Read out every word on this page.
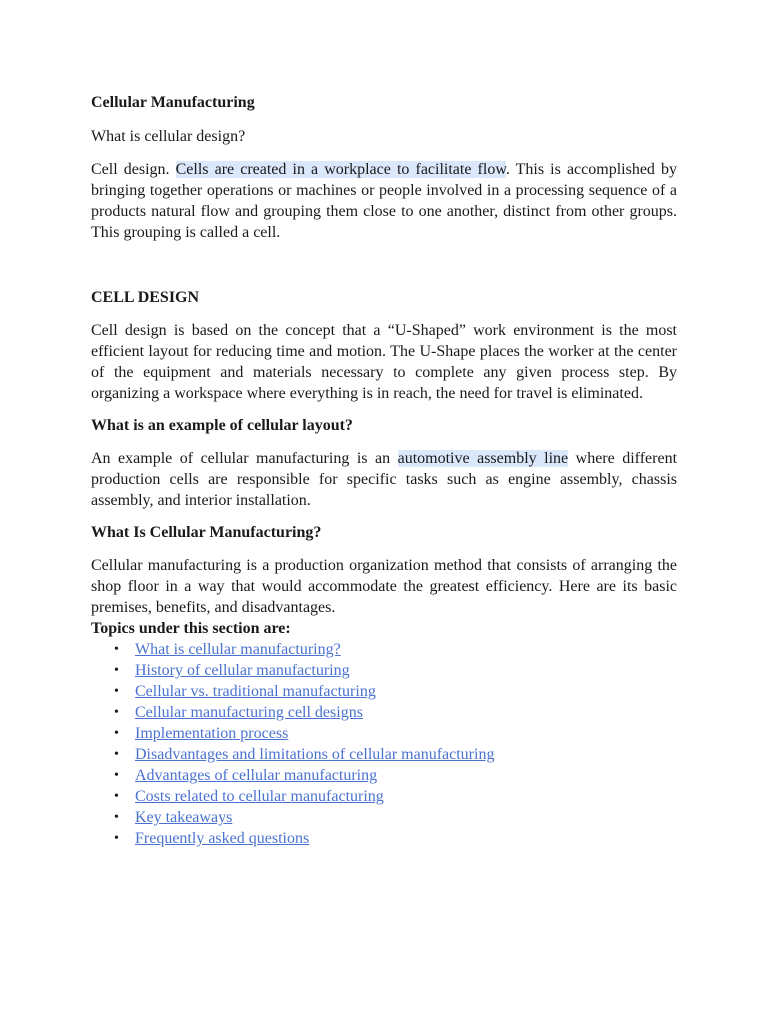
Cellular Manufacturing

What is cellular design?

Cell design. Cells are created in a workplace to facilitate flow. This is accomplished by bringing together operations or machines or people involved in a processing sequence of a products natural flow and grouping them close to one another, distinct from other groups. This grouping is called a cell.

CELL DESIGN

Cell design is based on the concept that a “U-Shaped” work environment is the most efficient layout for reducing time and motion. The U-Shape places the worker at the center of the equipment and materials necessary to complete any given process step. By organizing a workspace where everything is in reach, the need for travel is eliminated.

What is an example of cellular layout?

An example of cellular manufacturing is an automotive assembly line where different production cells are responsible for specific tasks such as engine assembly, chassis assembly, and interior installation.

What Is Cellular Manufacturing?

Cellular manufacturing is a production organization method that consists of arranging the shop floor in a way that would accommodate the greatest efficiency. Here are its basic premises, benefits, and disadvantages.

Topics under this section are:

• What is cellular manufacturing?
• History of cellular manufacturing
• Cellular vs. traditional manufacturing
• Cellular manufacturing cell designs
• Implementation process
• Disadvantages and limitations of cellular manufacturing
• Advantages of cellular manufacturing
• Costs related to cellular manufacturing
• Key takeaways
• Frequently asked questions
